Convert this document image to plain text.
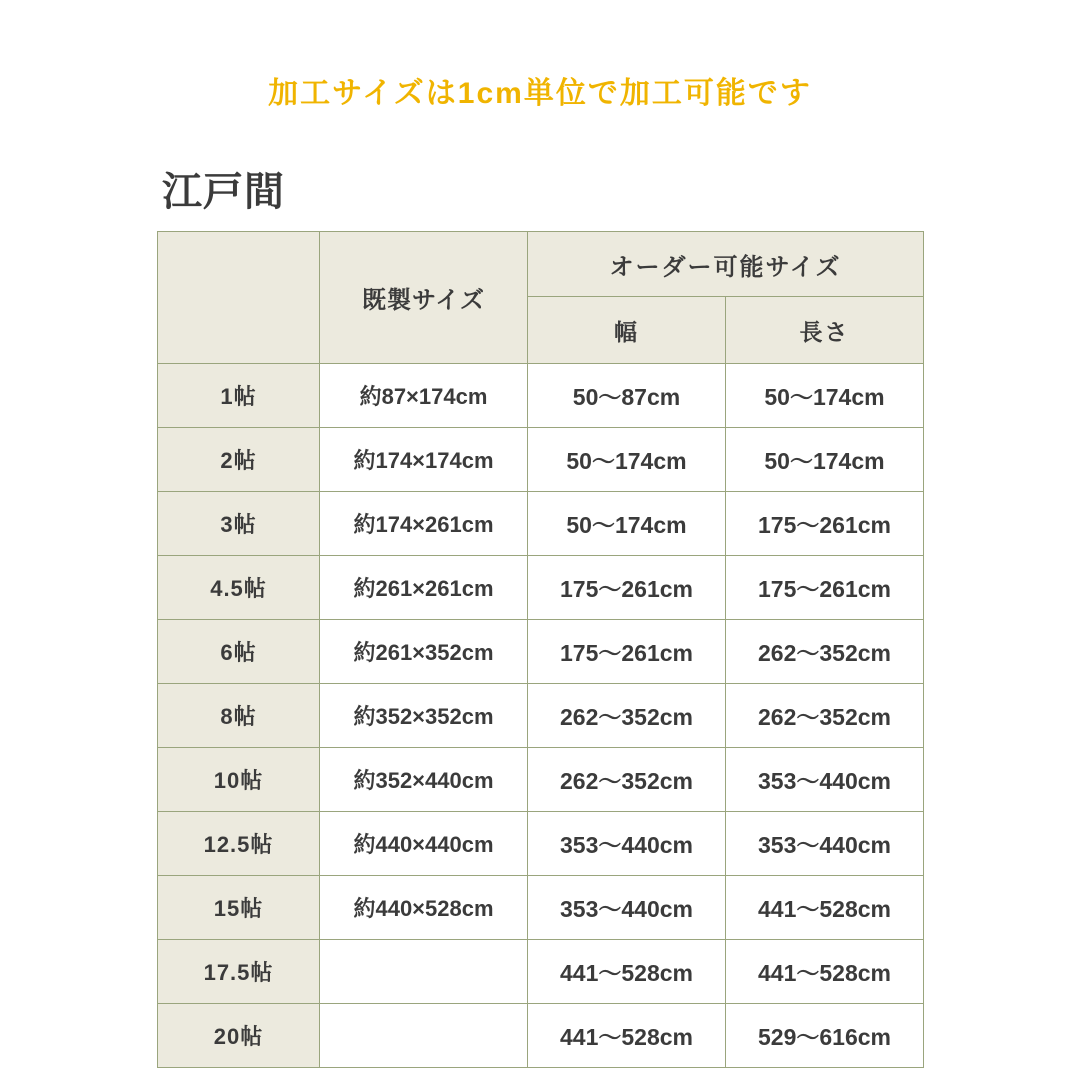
加工サイズは1cm単位で加工可能です
江戸間
	既製サイズ	オーダー可能サイズ	
		幅	長さ
1帖	約87×174cm	50〜87cm	50〜174cm
2帖	約174×174cm	50〜174cm	50〜174cm
3帖	約174×261cm	50〜174cm	175〜261cm
4.5帖	約261×261cm	175〜261cm	175〜261cm
6帖	約261×352cm	175〜261cm	262〜352cm
8帖	約352×352cm	262〜352cm	262〜352cm
10帖	約352×440cm	262〜352cm	353〜440cm
12.5帖	約440×440cm	353〜440cm	353〜440cm
15帖	約440×528cm	353〜440cm	441〜528cm
17.5帖		441〜528cm	441〜528cm
20帖		441〜528cm	529〜616cm
